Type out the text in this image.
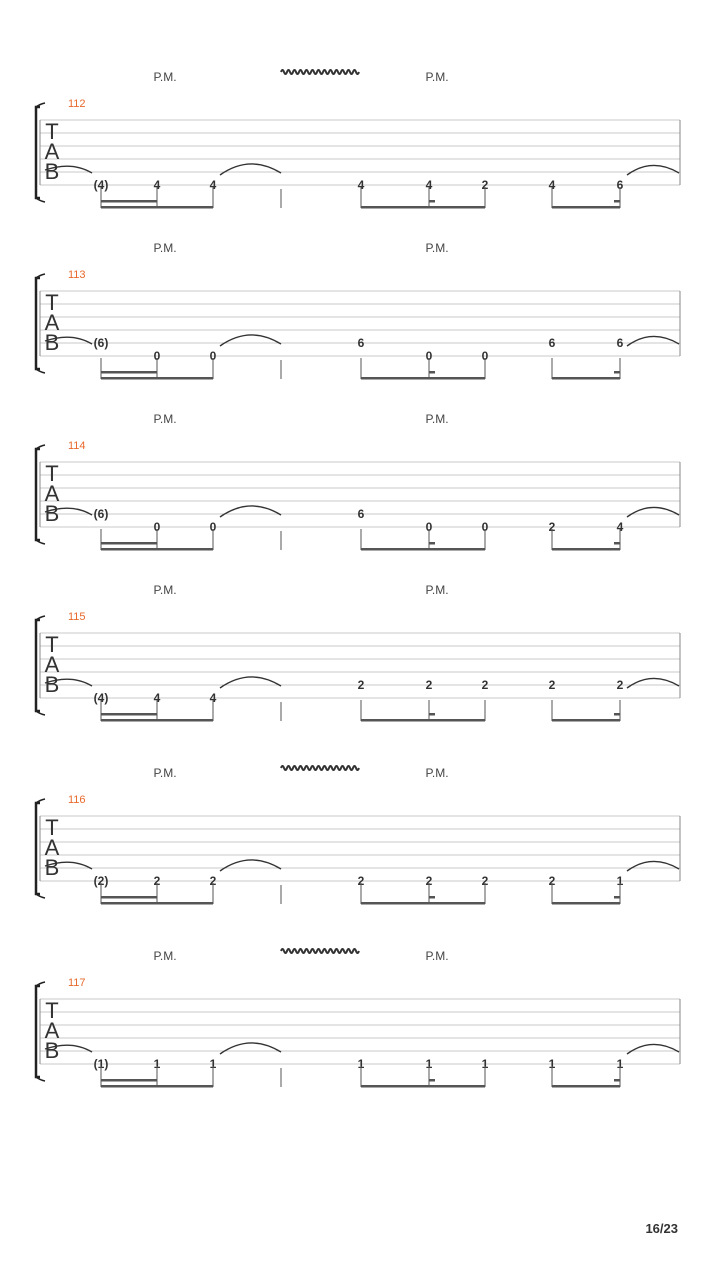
P.M.	P.M.
112
T
A
B
(4)	4	4	4	4	2	4	6
P.M.	P.M.
113
T
A
B	(6)
0	0
6
0	0
6	6
P.M.	P.M.
114
T
A
B	(6)
0	0
6
0	0	2	4
P.M.	P.M.
115
T
A
B
(4)	4	4
2	2	2	2	2
P.M.	P.M.
116
T
A
B
(2)	2	2	2	2	2	2	1
P.M.	P.M.
117
T
A
B
(1)	1	1	1	1	1	1	1
16/23
